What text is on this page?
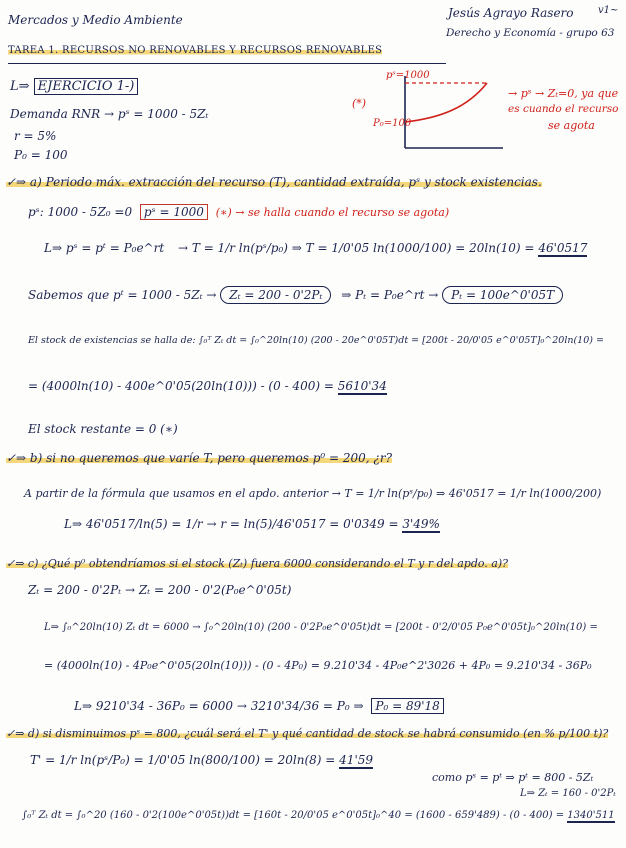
Mercados y Medio Ambiente	Jesús Agrayo Rasero v1~
Derecho y Economía - grupo 63
TAREA 1. RECURSOS NO RENOVABLES Y RECURSOS RENOVABLES
L⇒ EJERCICIO 1-)
Demanda RNR → pˢ = 1000 - 5Zₜ
r = 5%
P₀ = 100
(*)
pˢ=1000
P₀=100
→ pˢ → Zₜ=0, ya que
es cuando el recurso
se agota
✓⇒ a) Periodo máx. extracción del recurso (T), cantidad extraída, pˢ y stock existencias.
pˢ: 1000 - 5Z₀ =0 pˢ = 1000 (∗) → se halla cuando el recurso se agota)
L⇒ pˢ = pᵗ = P₀e^rt → T = 1/r ln(pˢ/p₀) ⇒ T = 1/0'05 ln(1000/100) = 20ln(10) = 46'0517
Sabemos que pᵗ = 1000 - 5Zₜ → Zₜ = 200 - 0'2Pₜ ⇒ Pₜ = P₀e^rt → Pₜ = 100e^0'05T
El stock de existencias se halla de: ∫₀ᵀ Zₜ dt = ∫₀^20ln(10) (200 - 20e^0'05T)dt = [200t - 20/0'05 e^0'05T]₀^20ln(10) =
= (4000ln(10) - 400e^0'05(20ln(10))) - (0 - 400) = 5610'34
El stock restante = 0 (∗)
✓⇒ b) si no queremos que varíe T, pero queremos p⁰ = 200, ¿r?
A partir de la fórmula que usamos en el apdo. anterior → T = 1/r ln(pˢ/p₀) ⇒ 46'0517 = 1/r ln(1000/200)
L⇒ 46'0517/ln(5) = 1/r → r = ln(5)/46'0517 = 0'0349 = 3'49%
✓⇒ c) ¿Qué p⁰ obtendríamos si el stock (Zₜ) fuera 6000 considerando el T y r del apdo. a)?
Zₜ = 200 - 0'2Pₜ → Zₜ = 200 - 0'2(P₀e^0'05t)
L⇒ ∫₀^20ln(10) Zₜ dt = 6000 → ∫₀^20ln(10) (200 - 0'2P₀e^0'05t)dt = [200t - 0'2/0'05 P₀e^0'05t]₀^20ln(10) =
= (4000ln(10) - 4P₀e^0'05(20ln(10))) - (0 - 4P₀) = 9.210'34 - 4P₀e^2'3026 + 4P₀ = 9.210'34 - 36P₀
L⇒ 9210'34 - 36P₀ = 6000 → 3210'34/36 = P₀ ⇒ P₀ = 89'18
✓⇒ d) si disminuimos pˢ = 800, ¿cuál será el T' y qué cantidad de stock se habrá consumido (en % p/100 t)?
T' = 1/r ln(pˢ/P₀) = 1/0'05 ln(800/100) = 20ln(8) = 41'59
como pˢ = pᵗ ⇒ pᵗ = 800 - 5Zₜ
L⇒ Zₜ = 160 - 0'2Pₜ
∫₀ᵀ Zₜ dt = ∫₀^20 (160 - 0'2(100e^0'05t))dt = [160t - 20/0'05 e^0'05t]₀^40 = (1600 - 659'489) - (0 - 400) = 1340'511
